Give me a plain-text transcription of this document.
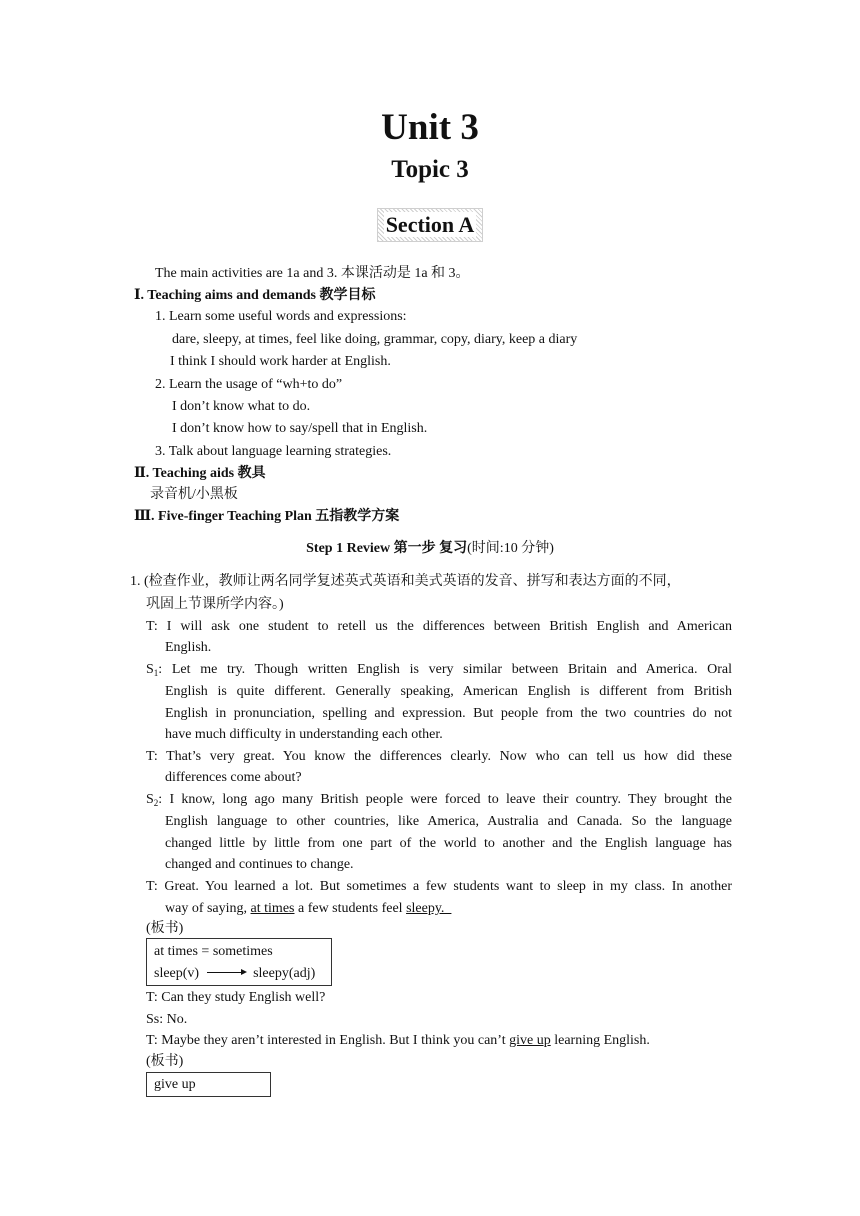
Unit 3
Topic 3
Section A
The main activities are 1a and 3. 本课活动是 1a 和 3。
Ⅰ. Teaching aims and demands 教学目标
1. Learn some useful words and expressions:
dare, sleepy, at times, feel like doing, grammar, copy, diary, keep a diary
I think I should work harder at English.
2. Learn the usage of “wh+to do”
I don’t know what to do.
I don’t know how to say/spell that in English.
3. Talk about language learning strategies.
Ⅱ. Teaching aids 教具
录音机/小黑板
Ⅲ. Five-finger Teaching Plan 五指教学方案
Step 1 Review 第一步 复习(时间:10 分钟)
1. (检查作业，教师让两名同学复述英式英语和美式英语的发音、拼写和表达方面的不同，
巩固上节课所学内容。)
T: I will ask one student to retell us the differences between British English and American
English.
$S_1$: Let me try. Though written English is very similar between Britain and America. Oral
English is quite different. Generally speaking, American English is different from British
English in pronunciation, spelling and expression. But people from the two countries do not
have much difficulty in understanding each other.
T: That’s very great. You know the differences clearly. Now who can tell us how did these
differences come about?
$S_2$: I know, long ago many British people were forced to leave their country. They brought the
English language to other countries, like America, Australia and Canada. So the language
changed little by little from one part of the world to another and the English language has
changed and continues to change.
T: Great. You learned a lot. But sometimes a few students want to sleep in my class. In another
way of saying, at times a few students feel sleepy.
(板书)
at times = sometimes
sleep(v)	sleepy(adj)
T: Can they study English well?
Ss: No.
T: Maybe they aren’t interested in English. But I think you can’t give up learning English.
(板书)
give up
